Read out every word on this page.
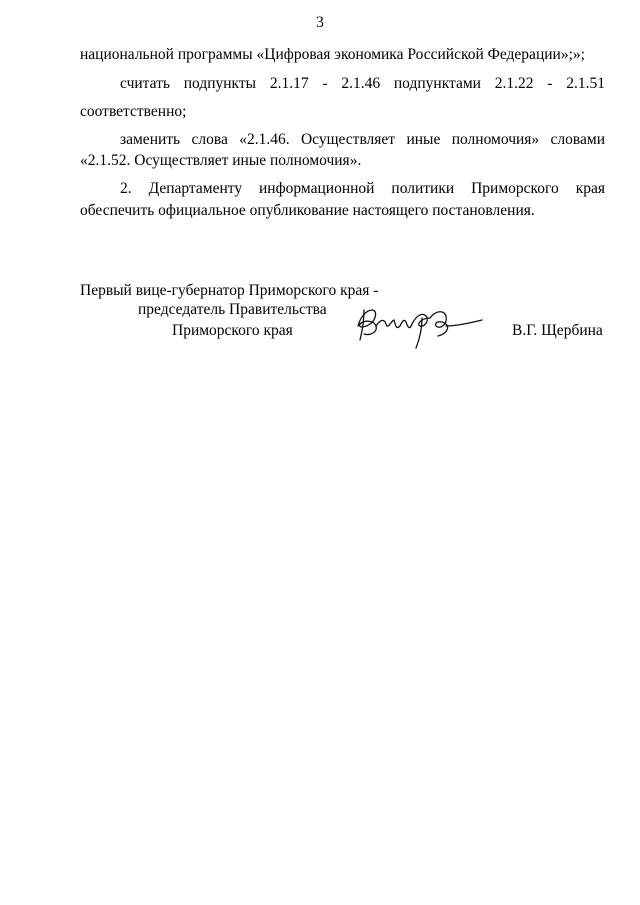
3
национальной программы «Цифровая экономика Российской Федерации»;»;
считать подпункты 2.1.17 - 2.1.46 подпунктами 2.1.22 - 2.1.51
соответственно;
заменить слова «2.1.46. Осуществляет иные полномочия» словами
«2.1.52. Осуществляет иные полномочия».
2. Департаменту информационной политики Приморского края
обеспечить официальное опубликование настоящего постановления.
Первый вице-губернатор Приморского края -
председатель Правительства
Приморского края	В.Г. Щербина
